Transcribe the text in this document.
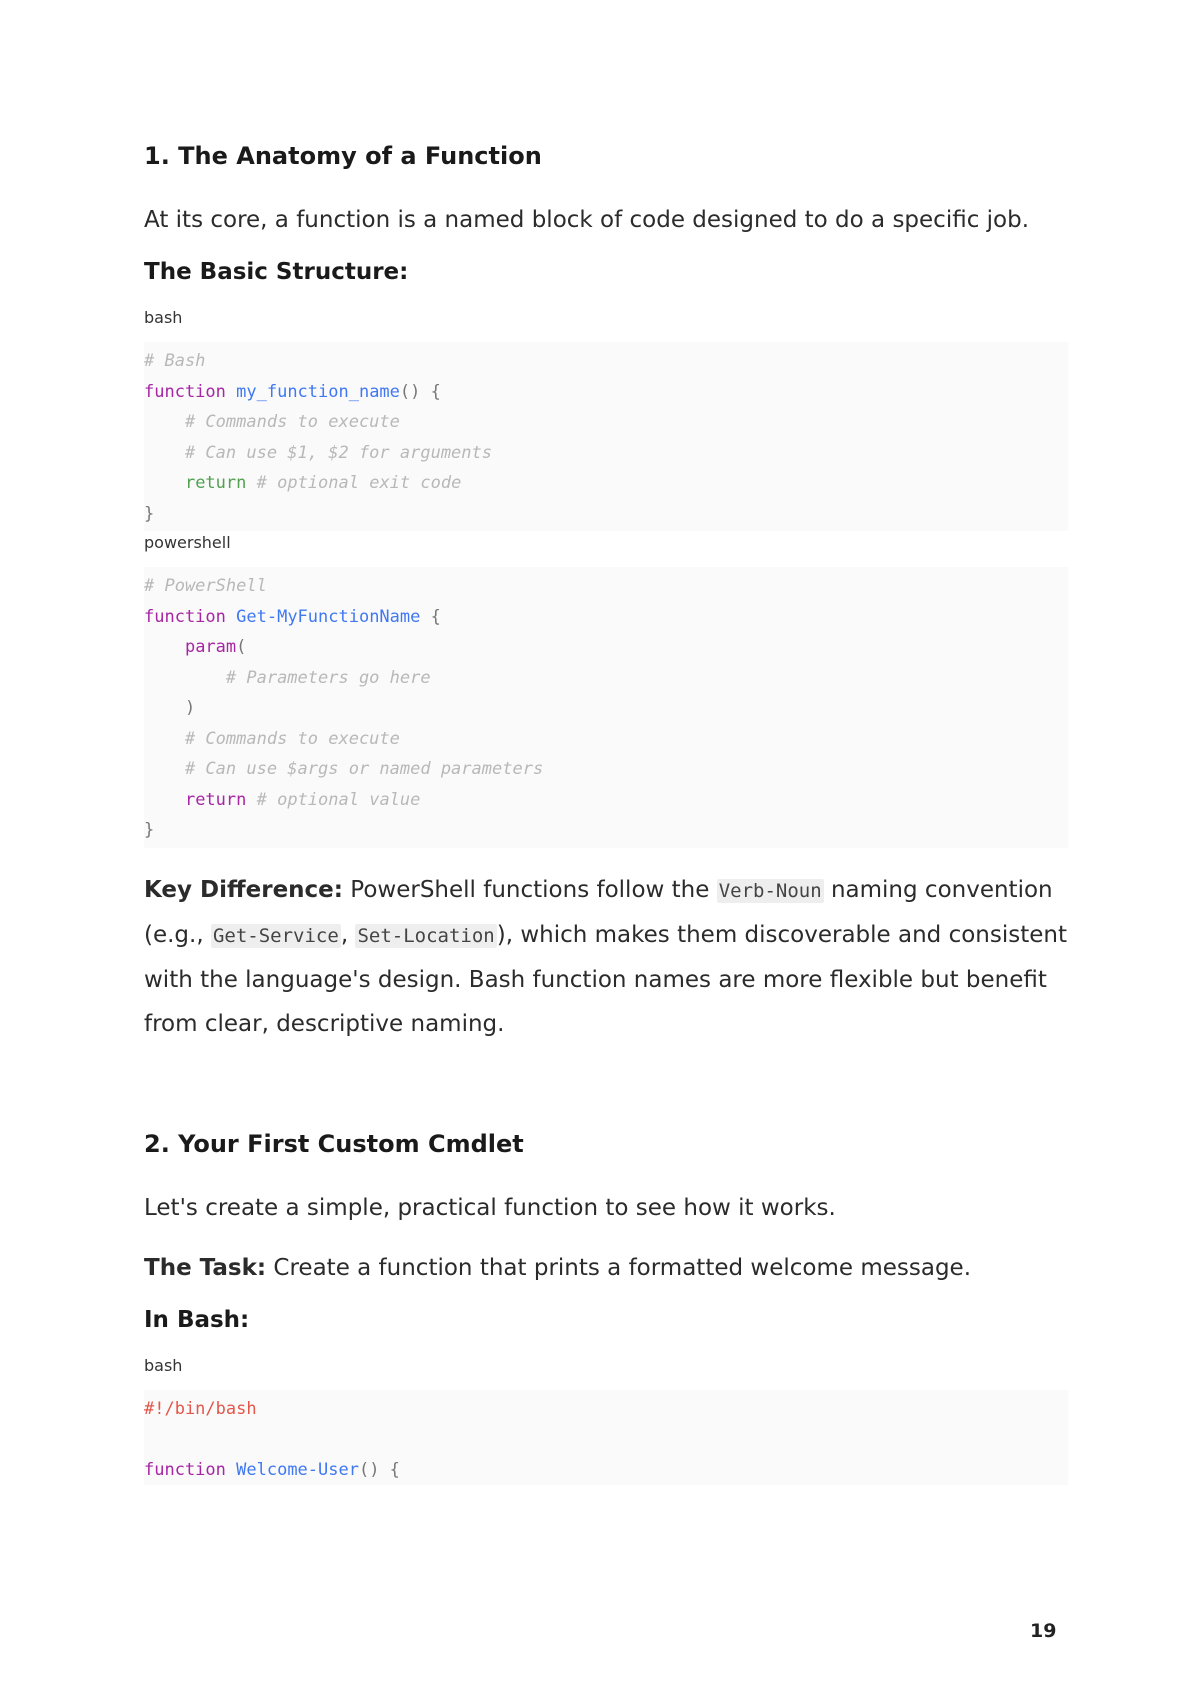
1. The Anatomy of a Function

At its core, a function is a named block of code designed to do a specific job.

The Basic Structure:
bash
# Bash
function my_function_name() {
# Commands to execute
# Can use $1, $2 for arguments
return # optional exit code
}
powershell
# PowerShell
function Get-MyFunctionName {
param(
# Parameters go here
)
# Commands to execute
# Can use $args or named parameters
return # optional value
}

Key Difference: PowerShell functions follow the Verb-Noun naming convention (e.g., Get-Service, Set-Location), which makes them discoverable and consistent with the language's design. Bash function names are more flexible but benefit from clear, descriptive naming.

2. Your First Custom Cmdlet

Let's create a simple, practical function to see how it works.

The Task: Create a function that prints a formatted welcome message.

In Bash:
bash
#!/bin/bash

function Welcome-User() {
19
